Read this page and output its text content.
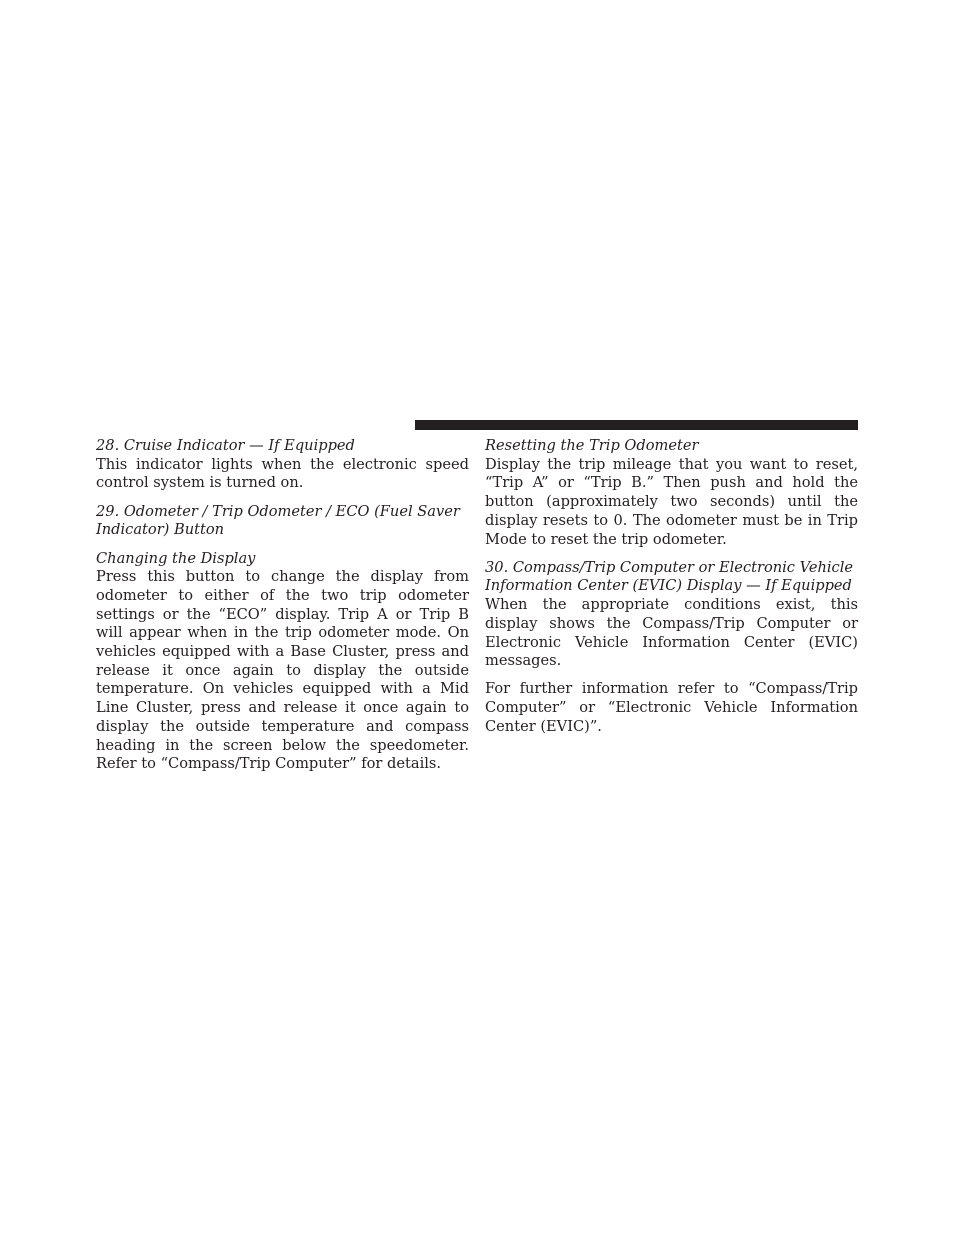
28. Cruise Indicator — If Equipped

This indicator lights when the electronic speed control system is turned on.

29. Odometer / Trip Odometer / ECO (Fuel Saver Indicator) Button

Changing the Display

Press this button to change the display from odometer to either of the two trip odometer settings or the “ECO” display. Trip A or Trip B will appear when in the trip odometer mode. On vehicles equipped with a Base Cluster, press and release it once again to display the outside temperature. On vehicles equipped with a Mid Line Cluster, press and release it once again to display the outside temperature and compass heading in the screen below the speedometer. Refer to “Compass/Trip Computer” for details.

Resetting the Trip Odometer

Display the trip mileage that you want to reset, “Trip A” or “Trip B.” Then push and hold the button (approximately two seconds) until the display resets to 0. The odometer must be in Trip Mode to reset the trip odometer.

30. Compass/Trip Computer or Electronic Vehicle Information Center (EVIC) Display — If Equipped

When the appropriate conditions exist, this display shows the Compass/Trip Computer or Electronic Vehicle Information Center (EVIC) messages.

For further information refer to “Compass/Trip Computer” or “Electronic Vehicle Information Center (EVIC)”.
